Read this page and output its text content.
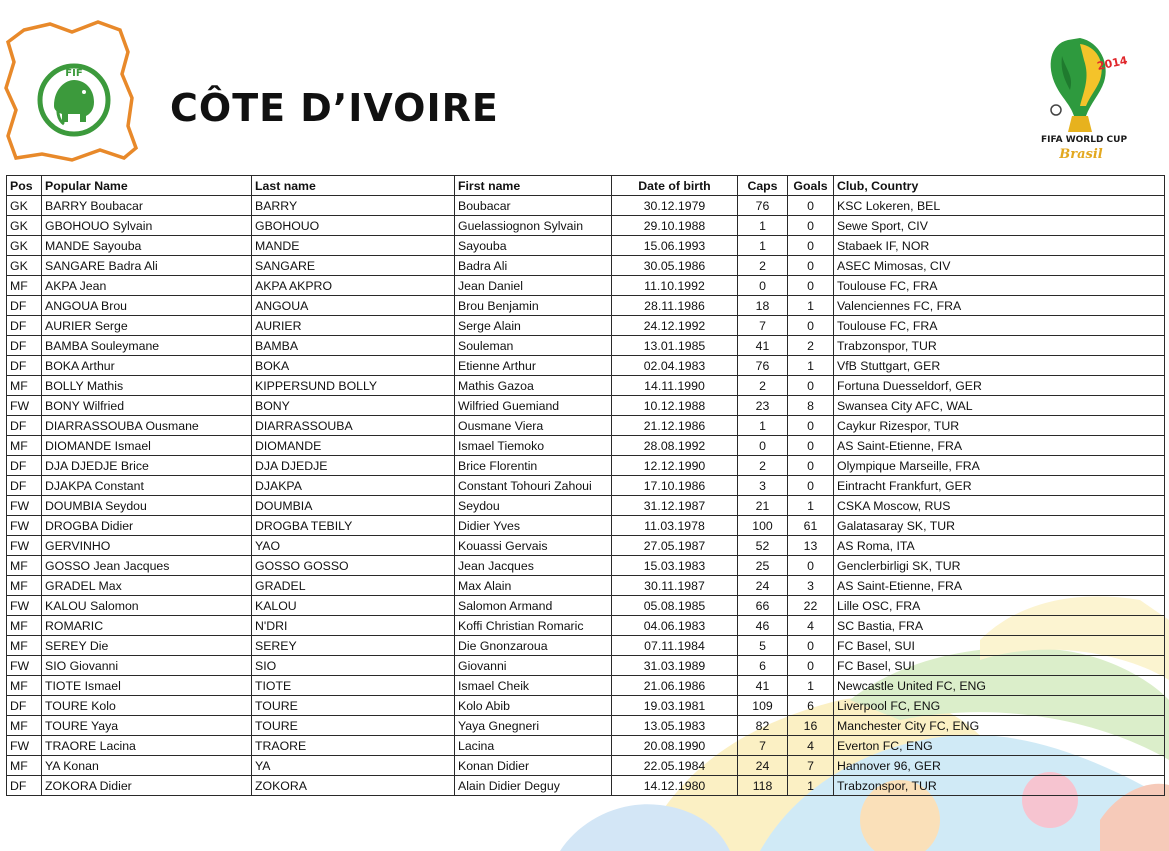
FIF
CÔTE D’IVOIRE
2014
FIFA WORLD CUP
Brasil
Pos	Popular Name	Last name	First name	Date of birth	Caps	Goals	Club, Country
GK	BARRY Boubacar	BARRY	Boubacar	30.12.1979	76	0	KSC Lokeren, BEL
GK	GBOHOUO Sylvain	GBOHOUO	Guelassiognon Sylvain	29.10.1988	1	0	Sewe Sport, CIV
GK	MANDE Sayouba	MANDE	Sayouba	15.06.1993	1	0	Stabaek IF, NOR
GK	SANGARE Badra Ali	SANGARE	Badra Ali	30.05.1986	2	0	ASEC Mimosas, CIV
MF	AKPA Jean	AKPA AKPRO	Jean Daniel	11.10.1992	0	0	Toulouse FC, FRA
DF	ANGOUA Brou	ANGOUA	Brou Benjamin	28.11.1986	18	1	Valenciennes FC, FRA
DF	AURIER Serge	AURIER	Serge Alain	24.12.1992	7	0	Toulouse FC, FRA
DF	BAMBA Souleymane	BAMBA	Souleman	13.01.1985	41	2	Trabzonspor, TUR
DF	BOKA Arthur	BOKA	Etienne Arthur	02.04.1983	76	1	VfB Stuttgart, GER
MF	BOLLY Mathis	KIPPERSUND BOLLY	Mathis Gazoa	14.11.1990	2	0	Fortuna Duesseldorf, GER
FW	BONY Wilfried	BONY	Wilfried Guemiand	10.12.1988	23	8	Swansea City AFC, WAL
DF	DIARRASSOUBA Ousmane	DIARRASSOUBA	Ousmane Viera	21.12.1986	1	0	Caykur Rizespor, TUR
MF	DIOMANDE Ismael	DIOMANDE	Ismael Tiemoko	28.08.1992	0	0	AS Saint-Etienne, FRA
DF	DJA DJEDJE Brice	DJA DJEDJE	Brice Florentin	12.12.1990	2	0	Olympique Marseille, FRA
DF	DJAKPA Constant	DJAKPA	Constant Tohouri Zahoui	17.10.1986	3	0	Eintracht Frankfurt, GER
FW	DOUMBIA Seydou	DOUMBIA	Seydou	31.12.1987	21	1	CSKA Moscow, RUS
FW	DROGBA Didier	DROGBA TEBILY	Didier Yves	11.03.1978	100	61	Galatasaray SK, TUR
FW	GERVINHO	YAO	Kouassi Gervais	27.05.1987	52	13	AS Roma, ITA
MF	GOSSO Jean Jacques	GOSSO GOSSO	Jean Jacques	15.03.1983	25	0	Genclerbirligi SK, TUR
MF	GRADEL Max	GRADEL	Max Alain	30.11.1987	24	3	AS Saint-Etienne, FRA
FW	KALOU Salomon	KALOU	Salomon Armand	05.08.1985	66	22	Lille OSC, FRA
MF	ROMARIC	N'DRI	Koffi Christian Romaric	04.06.1983	46	4	SC Bastia, FRA
MF	SEREY Die	SEREY	Die Gnonzaroua	07.11.1984	5	0	FC Basel, SUI
FW	SIO Giovanni	SIO	Giovanni	31.03.1989	6	0	FC Basel, SUI
MF	TIOTE Ismael	TIOTE	Ismael Cheik	21.06.1986	41	1	Newcastle United FC, ENG
DF	TOURE Kolo	TOURE	Kolo Abib	19.03.1981	109	6	Liverpool FC, ENG
MF	TOURE Yaya	TOURE	Yaya Gnegneri	13.05.1983	82	16	Manchester City FC, ENG
FW	TRAORE Lacina	TRAORE	Lacina	20.08.1990	7	4	Everton FC, ENG
MF	YA Konan	YA	Konan Didier	22.05.1984	24	7	Hannover 96, GER
DF	ZOKORA Didier	ZOKORA	Alain Didier Deguy	14.12.1980	118	1	Trabzonspor, TUR
